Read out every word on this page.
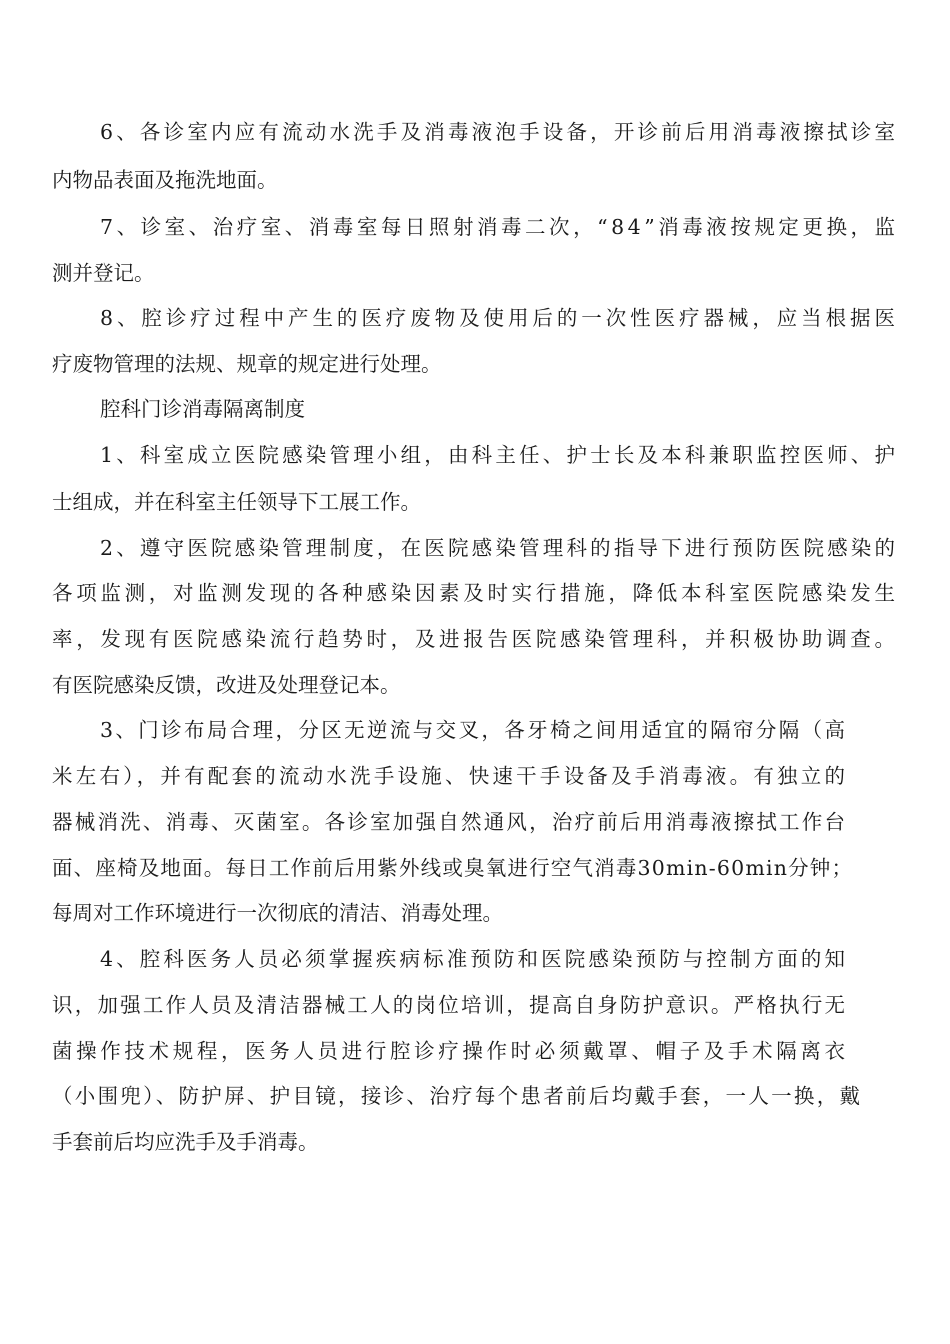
6、各诊室内应有流动水洗手及消毒液泡手设备，开诊前后用消毒液擦拭诊室
内物品表面及拖洗地面。
7、诊室、治疗室、消毒室每日照射消毒二次，“84”消毒液按规定更换，监
测并登记。
8、腔诊疗过程中产生的医疗废物及使用后的一次性医疗器械，应当根据医
疗废物管理的法规、规章的规定进行处理。
腔科门诊消毒隔离制度
1、科室成立医院感染管理小组，由科主任、护士长及本科兼职监控医师、护
士组成，并在科室主任领导下工展工作。
2、遵守医院感染管理制度，在医院感染管理科的指导下进行预防医院感染的
各项监测，对监测发现的各种感染因素及时实行措施，降低本科室医院感染发生
率，发现有医院感染流行趋势时，及进报告医院感染管理科，并积极协助调查。
有医院感染反馈，改进及处理登记本。
3、门诊布局合理，分区无逆流与交叉，各牙椅之间用适宜的隔帘分隔（高
米左右），并有配套的流动水洗手设施、快速干手设备及手消毒液。有独立的
器械消洗、消毒、灭菌室。各诊室加强自然通风，治疗前后用消毒液擦拭工作台
面、座椅及地面。每日工作前后用紫外线或臭氧进行空气消毒30min-60min分钟；
每周对工作环境进行一次彻底的清洁、消毒处理。
4、腔科医务人员必须掌握疾病标准预防和医院感染预防与控制方面的知
识，加强工作人员及清洁器械工人的岗位培训，提高自身防护意识。严格执行无
菌操作技术规程，医务人员进行腔诊疗操作时必须戴罩、帽子及手术隔离衣
（小围兜）、防护屏、护目镜，接诊、治疗每个患者前后均戴手套，一人一换，戴
手套前后均应洗手及手消毒。
